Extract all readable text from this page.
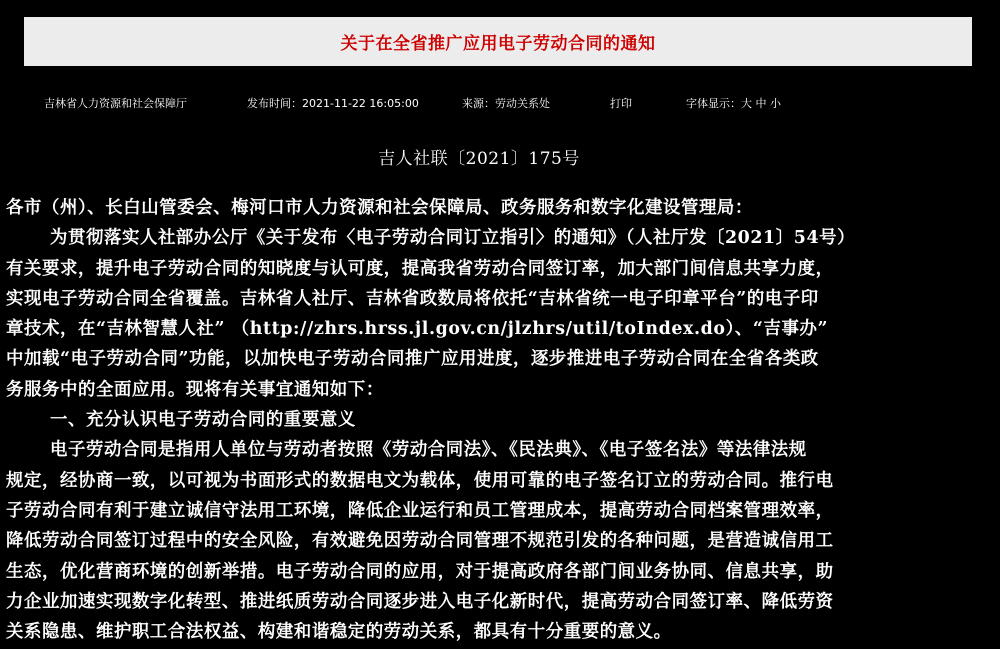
关于在全省推广应用电子劳动合同的通知
吉林省人力资源和社会保障厅	发布时间：2021-11-22 16:05:00	来源：劳动关系处	打印	字体显示：大 中 小
吉人社联〔2021〕175号

各市（州）、长白山管委会、梅河口市人力资源和社会保障局、政务服务和数字化建设管理局：

为贯彻落实人社部办公厅《关于发布〈电子劳动合同订立指引〉的通知》（人社厅发〔2021〕54号）

有关要求，提升电子劳动合同的知晓度与认可度，提高我省劳动合同签订率，加大部门间信息共享力度，

实现电子劳动合同全省覆盖。吉林省人社厅、吉林省政数局将依托“吉林省统一电子印章平台”的电子印

章技术，在“吉林智慧人社” （http://zhrs.hrss.jl.gov.cn/jlzhrs/util/toIndex.do）、“吉事办”

中加载“电子劳动合同”功能，以加快电子劳动合同推广应用进度，逐步推进电子劳动合同在全省各类政

务服务中的全面应用。现将有关事宜通知如下：

一、充分认识电子劳动合同的重要意义

电子劳动合同是指用人单位与劳动者按照《劳动合同法》、《民法典》、《电子签名法》等法律法规

规定，经协商一致，以可视为书面形式的数据电文为载体，使用可靠的电子签名订立的劳动合同。推行电

子劳动合同有利于建立诚信守法用工环境，降低企业运行和员工管理成本，提高劳动合同档案管理效率，

降低劳动合同签订过程中的安全风险，有效避免因劳动合同管理不规范引发的各种问题，是营造诚信用工

生态，优化营商环境的创新举措。电子劳动合同的应用，对于提高政府各部门间业务协同、信息共享，助

力企业加速实现数字化转型、推进纸质劳动合同逐步进入电子化新时代，提高劳动合同签订率、降低劳资

关系隐患、维护职工合法权益、构建和谐稳定的劳动关系，都具有十分重要的意义。
